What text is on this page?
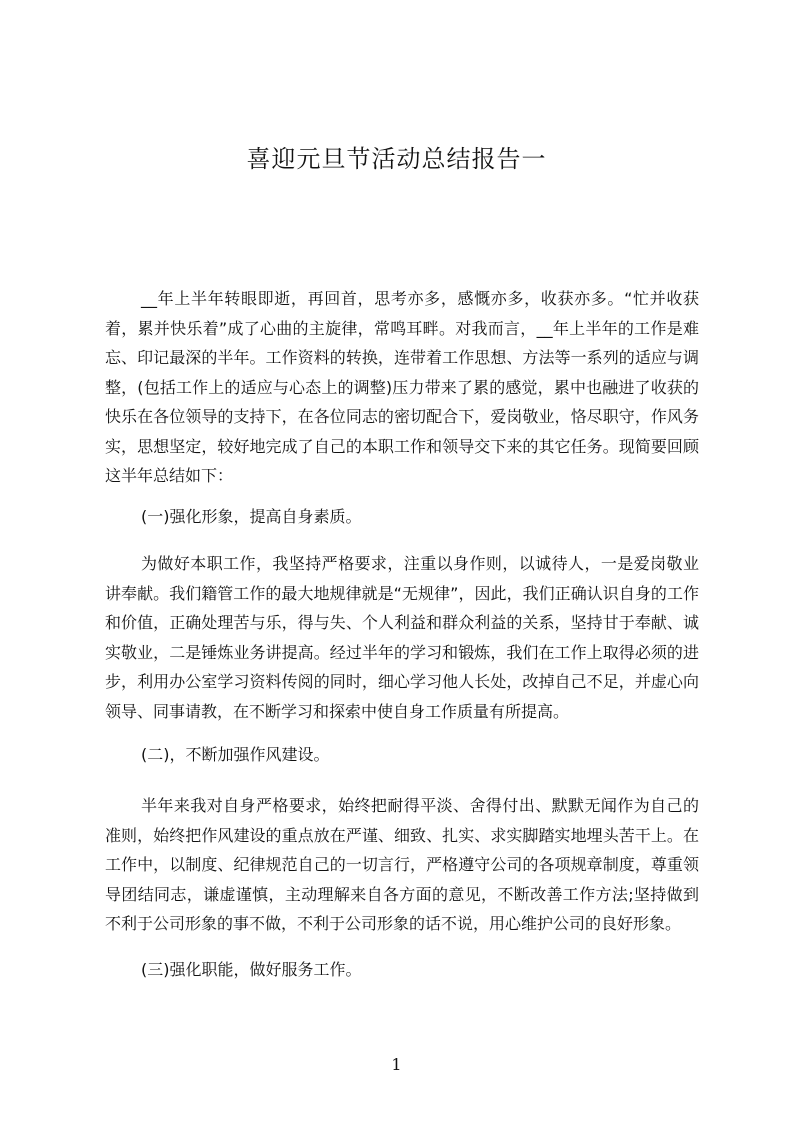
喜迎元旦节活动总结报告一

__年上半年转眼即逝，再回首，思考亦多，感慨亦多，收获亦多。“忙并收获着，累并快乐着”成了心曲的主旋律，常鸣耳畔。对我而言，__年上半年的工作是难忘、印记最深的半年。工作资料的转换，连带着工作思想、方法等一系列的适应与调整，(包括工作上的适应与心态上的调整)压力带来了累的感觉，累中也融进了收获的快乐在各位领导的支持下，在各位同志的密切配合下，爱岗敬业，恪尽职守，作风务实，思想坚定，较好地完成了自己的本职工作和领导交下来的其它任务。现简要回顾这半年总结如下：

(一)强化形象，提高自身素质。

为做好本职工作，我坚持严格要求，注重以身作则，以诚待人，一是爱岗敬业讲奉献。我们籍管工作的最大地规律就是“无规律”，因此，我们正确认识自身的工作和价值，正确处理苦与乐，得与失、个人利益和群众利益的关系，坚持甘于奉献、诚实敬业，二是锤炼业务讲提高。经过半年的学习和锻炼，我们在工作上取得必须的进步，利用办公室学习资料传阅的同时，细心学习他人长处，改掉自己不足，并虚心向领导、同事请教，在不断学习和探索中使自身工作质量有所提高。

(二)，不断加强作风建设。

半年来我对自身严格要求，始终把耐得平淡、舍得付出、默默无闻作为自己的准则，始终把作风建设的重点放在严谨、细致、扎实、求实脚踏实地埋头苦干上。在工作中，以制度、纪律规范自己的一切言行，严格遵守公司的各项规章制度，尊重领导团结同志，谦虚谨慎，主动理解来自各方面的意见，不断改善工作方法;坚持做到不利于公司形象的事不做，不利于公司形象的话不说，用心维护公司的良好形象。

(三)强化职能，做好服务工作。
1
